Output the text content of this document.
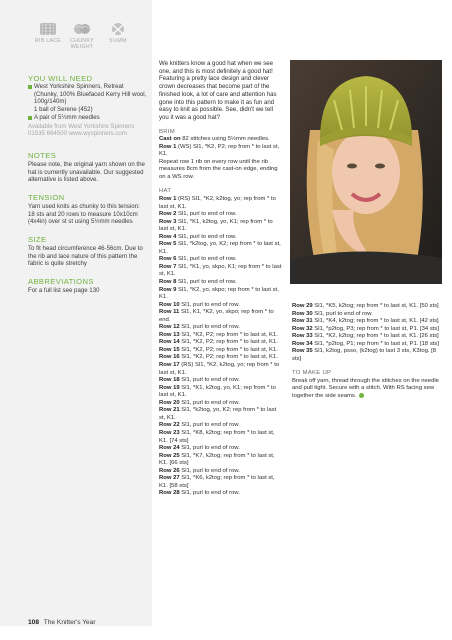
RIB LACE	CHUNKY WEIGHT
5½MM
YOU WILL NEED
West Yorkshire Spinners, Retreat (Chunky, 100% Bluefaced Kerry Hill wool, 100g/140m)
1 ball of Serene (452)
A pair of 5½mm needles

Available from West Yorkshire Spinners

01535 664500 www.wyspinners.com

NOTES

Please note, the original yarn shown on the hat is currently unavailable. Our suggested alternative is listed above.

TENSION

Yarn used knits as chunky to this tension: 18 sts and 20 rows to measure 10x10cm (4x4in) over st st using 5½mm needles

SIZE

To fit head circumference 46-56cm. Due to the rib and lace nature of this pattern the fabric is quite stretchy

ABBREVIATIONS

For a full list see page 130

We knitters know a good hat when we see one, and this is most definitely a good hat! Featuring a pretty lace design and clever crown decreases that become part of the finished look, a lot of care and attention has gone into this pattern to make it as fun and easy to knit as possible. See, didn't we tell you it was a good hat?

BRIM

Cast on 82 stitches using 5½mm needles.

Row 1 (WS) Sl1, *K2, P2; rep from * to last st, K1.

Repeat row 1 rib on every row until the rib measures 8cm from the cast-on edge, ending on a WS row.

HAT

Row 1 (RS) Sl1, *K2, k2tog, yo; rep from * to last st, K1.

Row 2 Sl1, purl to end of row.

Row 3 Sl1, *K1, k2tog, yo, K1; rep from * to last st, K1.

Row 4 Sl1, purl to end of row.

Row 5 Sl1, *k2tog, yo, K2; rep from * to last st, K1.

Row 6 Sl1, purl to end of row.

Row 7 Sl1, *K1, yo, skpo, K1; rep from * to last st, K1.

Row 8 Sl1, purl to end of row.

Row 9 Sl1, *K2, yo, skpo; rep from * to last st, K1.

Row 10 Sl1, purl to end of row.

Row 11 Sl1, K1, *K2, yo, skpo; rep from * to end.

Row 12 Sl1, purl to end of row.

Row 13 Sl1, *K2, P2; rep from * to last st, K1.

Row 14 Sl1, *K2, P2; rep from * to last st, K1.

Row 15 Sl1, *K2, P2; rep from * to last st, K1.

Row 16 Sl1, *K2, P2; rep from * to last st, K1.

Row 17 (RS) Sl1, *K2, k2tog, yo; rep from * to last st, K1.

Row 18 Sl1, purl to end of row.

Row 19 Sl1, *K1, k2tog, yo, K1; rep from * to last st, K1.

Row 20 Sl1, purl to end of row.

Row 21 Sl1, *k2tog, yo, K2; rep from * to last st, K1.

Row 22 Sl1, purl to end of row.

Row 23 Sl1, *K8, k2tog; rep from * to last st, K1. [74 sts]

Row 24 Sl1, purl to end of row.

Row 25 Sl1, *K7, k2tog; rep from * to last st, K1. [66 sts]

Row 26 Sl1, purl to end of row.

Row 27 Sl1, *K6, k2tog; rep from * to last st, K1. [58 sts]

Row 28 Sl1, purl to end of row.

Row 29 Sl1, *K5, k2tog; rep from * to last st, K1. [50 sts]

Row 30 Sl1, purl to end of row.

Row 31 Sl1, *K4, k2tog; rep from * to last st, K1. [42 sts]

Row 32 Sl1, *p2tog, P3; rep from * to last st, P1. [34 sts]

Row 33 Sl1, *K2, k2tog; rep from * to last st, K1. [26 sts]

Row 34 Sl1, *p2tog, P1; rep from * to last st, P1. [18 sts]

Row 35 Sl1, k2tog, psso, (k2tog) to last 3 sts, K3tog. [8 sts]

TO MAKE UP

Break off yarn, thread through the stitches on the needle and pull tight. Secure with a stitch. With RS facing sew together the side seams.

108 The Knitter's Year
